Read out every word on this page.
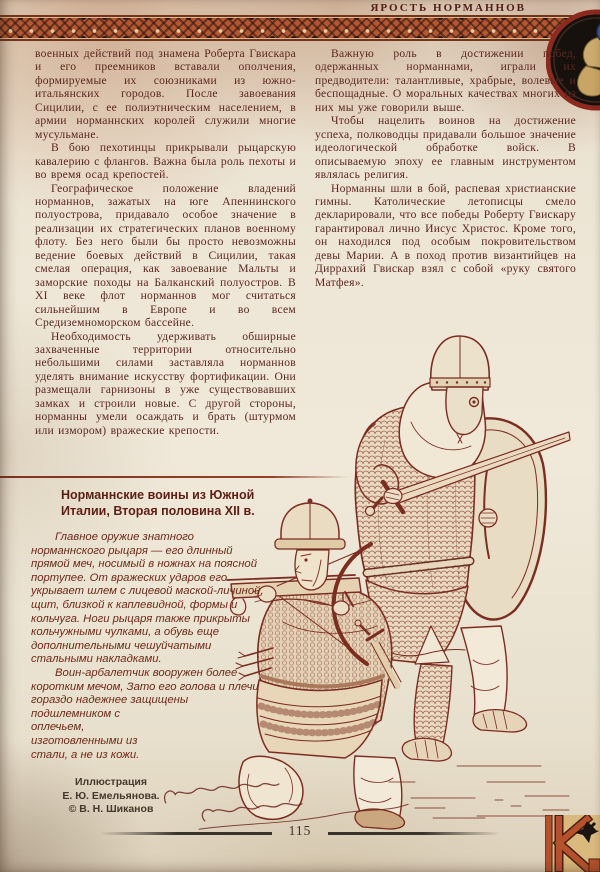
ЯРОСТЬ НОРМАННОВ

военных действий под знамена Роберта Гвискара и его преемников вставали ополчения, формируемые их союзниками из южно-итальянских городов. После завоевания Сицилии, с ее полиэтническим населением, в армии норманнских королей служили многие мусульмане.

В бою пехотинцы прикрывали рыцарскую кавалерию с флангов. Важна была роль пехоты и во время осад крепостей.

Географическое положение владений норманнов, зажатых на юге Апеннинского полуострова, придавало особое значение в реализации их стратегических планов военному флоту. Без него были бы просто невозможны ведение боевых действий в Сицилии, такая смелая операция, как завоевание Мальты и заморские походы на Балканский полуостров. В XI веке флот норманнов мог считаться сильнейшим в Европе и во всем Средиземноморском бассейне.

Необходимость удерживать обширные захваченные территории относительно небольшими силами заставляла норманнов уделять внимание искусству фортификации. Они размещали гарнизоны в уже существовавших замках и строили новые. С другой стороны, норманны умели осаждать и брать (штурмом или измором) вражеские крепости.

Важную роль в достижении побед, одержанных норманнами, играли их предводители: талантливые, храбрые, волевые и беспощадные. О моральных качествах многих из них мы уже говорили выше.

Чтобы нацелить воинов на достижение успеха, полководцы придавали большое значение идеологической обработке войск. В описываемую эпоху ее главным инструментом являлась религия.

Норманны шли в бой, распевая христианские гимны. Католические летописцы смело декларировали, что все победы Роберту Гвискару гарантировал лично Иисус Христос. Кроме того, он находился под особым покровительством девы Марии. А в поход против византийцев на Диррахий Гвискар взял с собой «руку святого Матфея».

Норманнские воины из Южной Италии, Вторая половина XII в.

Главное оружие знатного норманнского рыцаря — его длинный прямой меч, носимый в ножнах на поясной портупее. От вражеских ударов его укрывает шлем с лицевой маской-личиной, щит, близкой к каплевидной, формы и кольчуга. Ноги рыцаря также прикрыты кольчужными чулками, а обувь еще дополнительными чешуйчатыми стальными накладками.

Воин-арбалетчик вооружен более коротким мечом, Зато его голова и плечи гораздо надежнее защищены подшлемником с оплечьем, изготовленными из стали, а не из кожи.

Иллюстрация
Е. Ю. Емельянова.
© В. Н. Шиканов
115
